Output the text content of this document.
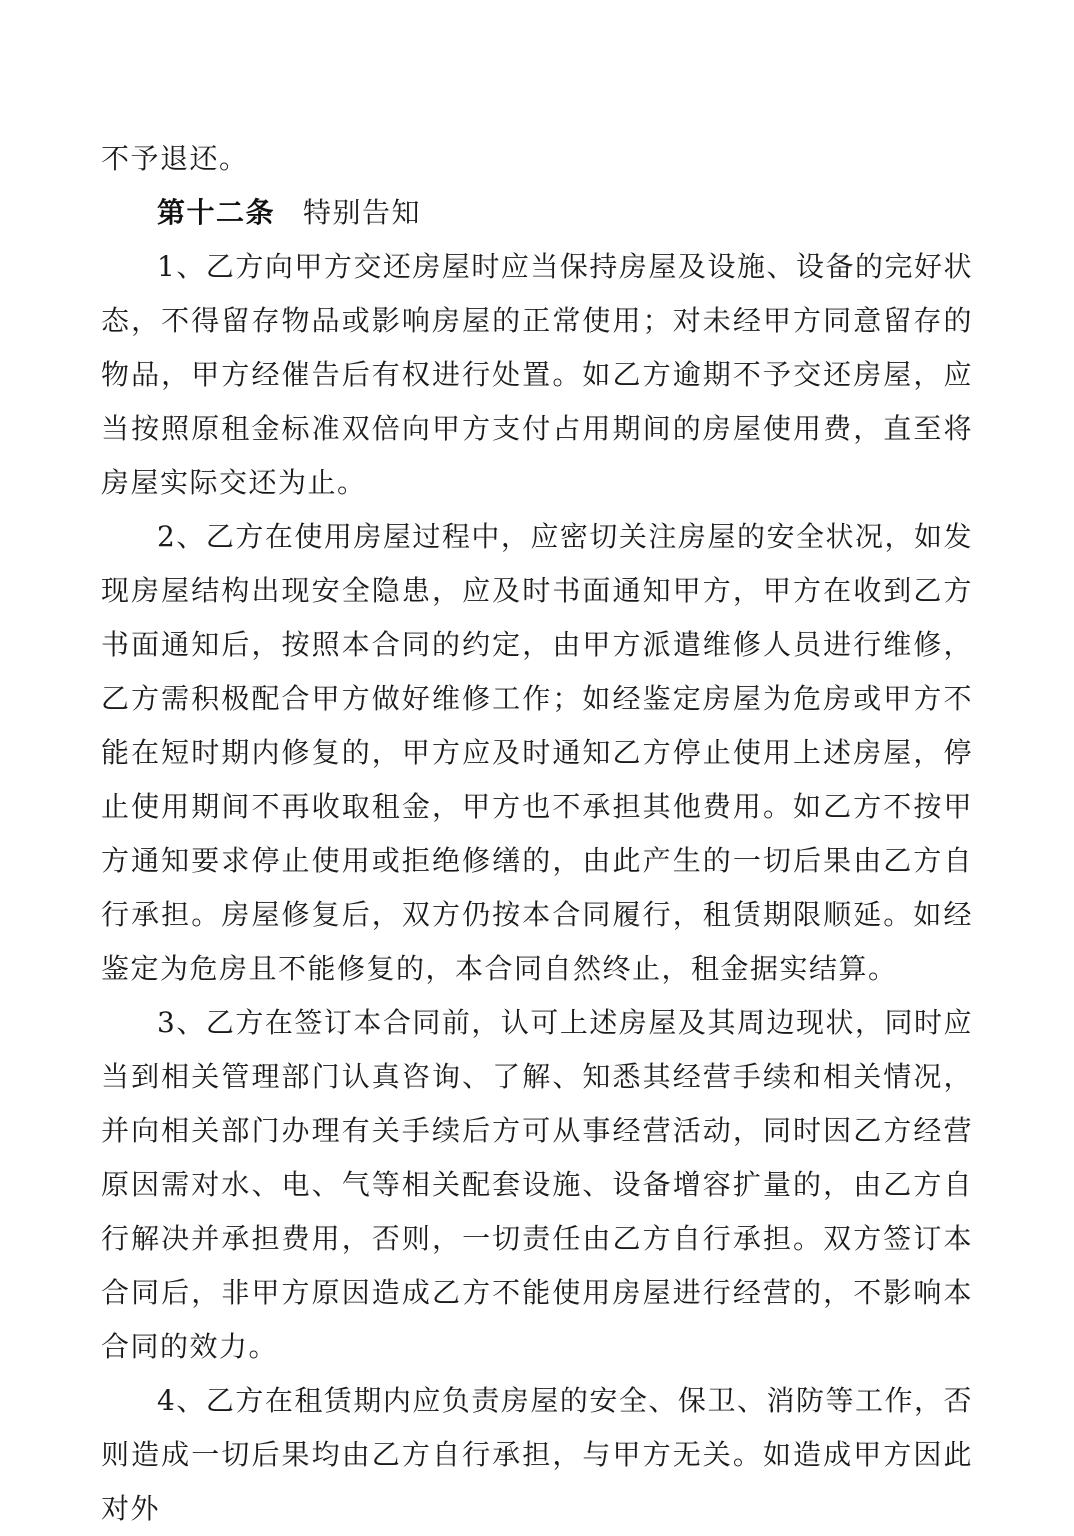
不予退还。

第十二条 特别告知

1、乙方向甲方交还房屋时应当保持房屋及设施、设备的完好状态，不得留存物品或影响房屋的正常使用；对未经甲方同意留存的物品，甲方经催告后有权进行处置。如乙方逾期不予交还房屋，应当按照原租金标准双倍向甲方支付占用期间的房屋使用费，直至将房屋实际交还为止。

2、乙方在使用房屋过程中，应密切关注房屋的安全状况，如发现房屋结构出现安全隐患，应及时书面通知甲方，甲方在收到乙方书面通知后，按照本合同的约定，由甲方派遣维修人员进行维修，乙方需积极配合甲方做好维修工作；如经鉴定房屋为危房或甲方不能在短时期内修复的，甲方应及时通知乙方停止使用上述房屋，停止使用期间不再收取租金，甲方也不承担其他费用。如乙方不按甲方通知要求停止使用或拒绝修缮的，由此产生的一切后果由乙方自行承担。房屋修复后，双方仍按本合同履行，租赁期限顺延。如经鉴定为危房且不能修复的，本合同自然终止，租金据实结算。

3、乙方在签订本合同前，认可上述房屋及其周边现状，同时应当到相关管理部门认真咨询、了解、知悉其经营手续和相关情况，并向相关部门办理有关手续后方可从事经营活动，同时因乙方经营原因需对水、电、气等相关配套设施、设备增容扩量的，由乙方自行解决并承担费用，否则，一切责任由乙方自行承担。双方签订本合同后，非甲方原因造成乙方不能使用房屋进行经营的，不影响本合同的效力。

4、乙方在租赁期内应负责房屋的安全、保卫、消防等工作，否则造成一切后果均由乙方自行承担，与甲方无关。如造成甲方因此对外
